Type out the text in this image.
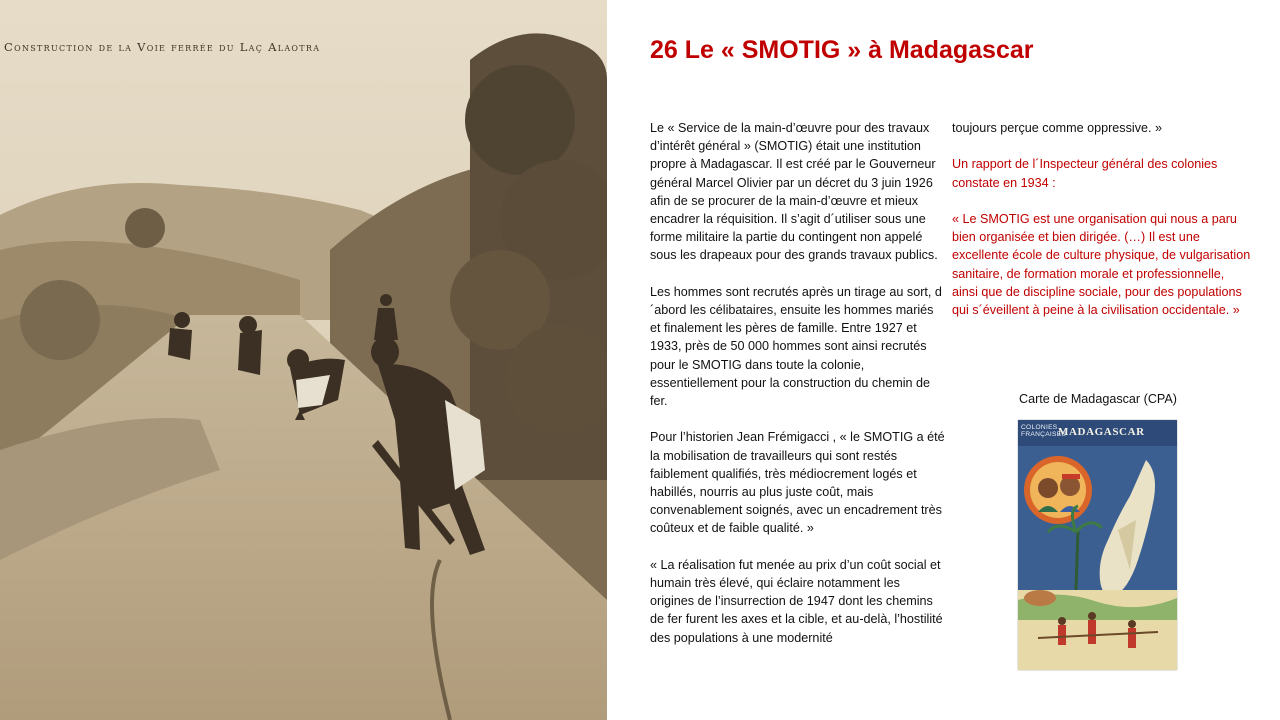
Construction de la Voie ferrée du Laç Alaotra	26 Le « SMOTIG » à Madagascar

Le « Service de la main-d’œuvre pour des travaux d’intérêt général » (SMOTIG) était une institution propre à Madagascar. Il est créé par le Gouverneur général Marcel Olivier par un décret du 3 juin 1926 afin de se procurer de la main-d’œuvre et mieux encadrer la réquisition. Il s’agit d´utiliser sous une forme militaire la partie du contingent non appelé sous les drapeaux pour des grands travaux publics.

Les hommes sont recrutés après un tirage au sort, d´abord les célibataires, ensuite les hommes mariés et finalement les pères de famille. Entre 1927 et 1933, près de 50 000 hommes sont ainsi recrutés pour le SMOTIG dans toute la colonie, essentiellement pour la construction du chemin de fer.

Pour l’historien Jean Frémigacci , « le SMOTIG a été la mobilisation de travailleurs qui sont restés faiblement qualifiés, très médiocrement logés et habillés, nourris au plus juste coût, mais convenablement soignés, avec un encadrement très coûteux et de faible qualité. »

« La réalisation fut menée au prix d’un coût social et humain très élevé, qui éclaire notamment les origines de l’insurrection de 1947 dont les chemins de fer furent les axes et la cible, et au-delà, l’hostilité des populations à une modernité

toujours perçue comme oppressive. »

Un rapport de l´Inspecteur général des colonies constate en 1934 :

« Le SMOTIG est une organisation qui nous a paru bien organisée et bien dirigée. (…) Il est une excellente école de culture physique, de vulgarisation sanitaire, de formation morale et professionnelle, ainsi que de discipline sociale, pour des populations qui s´éveillent à peine à la civilisation occidentale. »

Carte de Madagascar (CPA)
COLONIES FRANÇAISES
MADAGASCAR
